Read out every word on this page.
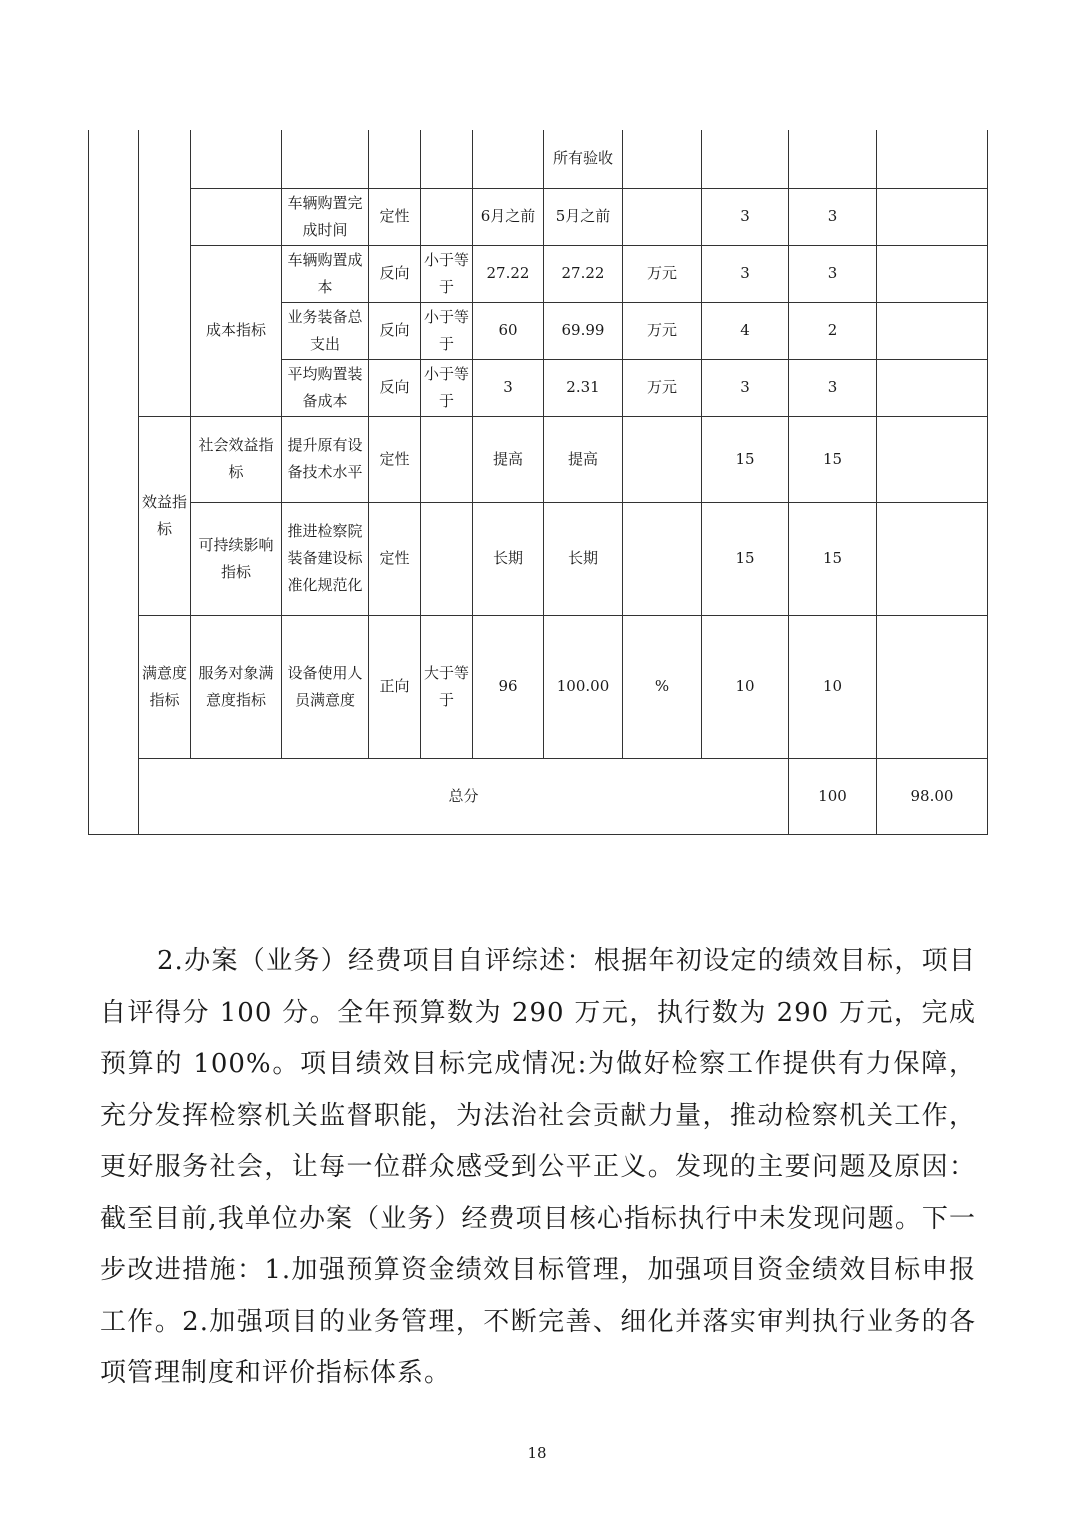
							所有验收					
			车辆购置完成时间	定性		6月之前	5月之前		3	3		
		成本指标	车辆购置成本	反向	小于等于	27.22	27.22	万元	3	3		
			业务装备总支出	反向	小于等于	60	69.99	万元	4	2		
			平均购置装备成本	反向	小于等于	3	2.31	万元	3	3		
	效益指标	社会效益指标	提升原有设备技术水平	定性		提高	提高		15	15		
		可持续影响指标	推进检察院装备建设标准化规范化	定性		长期	长期		15	15		
	满意度指标	服务对象满意度指标	设备使用人员满意度	正向	大于等于	96	100.00	%	10	10		
	总分									100	98.00	

2.办案（业务）经费项目自评综述：根据年初设定的绩效目标，项目自评得分 100 分。全年预算数为 290 万元，执行数为 290 万元，完成预算的 100%。项目绩效目标完成情况:为做好检察工作提供有力保障，充分发挥检察机关监督职能，为法治社会贡献力量，推动检察机关工作，更好服务社会，让每一位群众感受到公平正义。发现的主要问题及原因：截至目前,我单位办案（业务）经费项目核心指标执行中未发现问题。下一步改进措施：1.加强预算资金绩效目标管理，加强项目资金绩效目标申报工作。2.加强项目的业务管理，不断完善、细化并落实审判执行业务的各项管理制度和评价指标体系。

18
